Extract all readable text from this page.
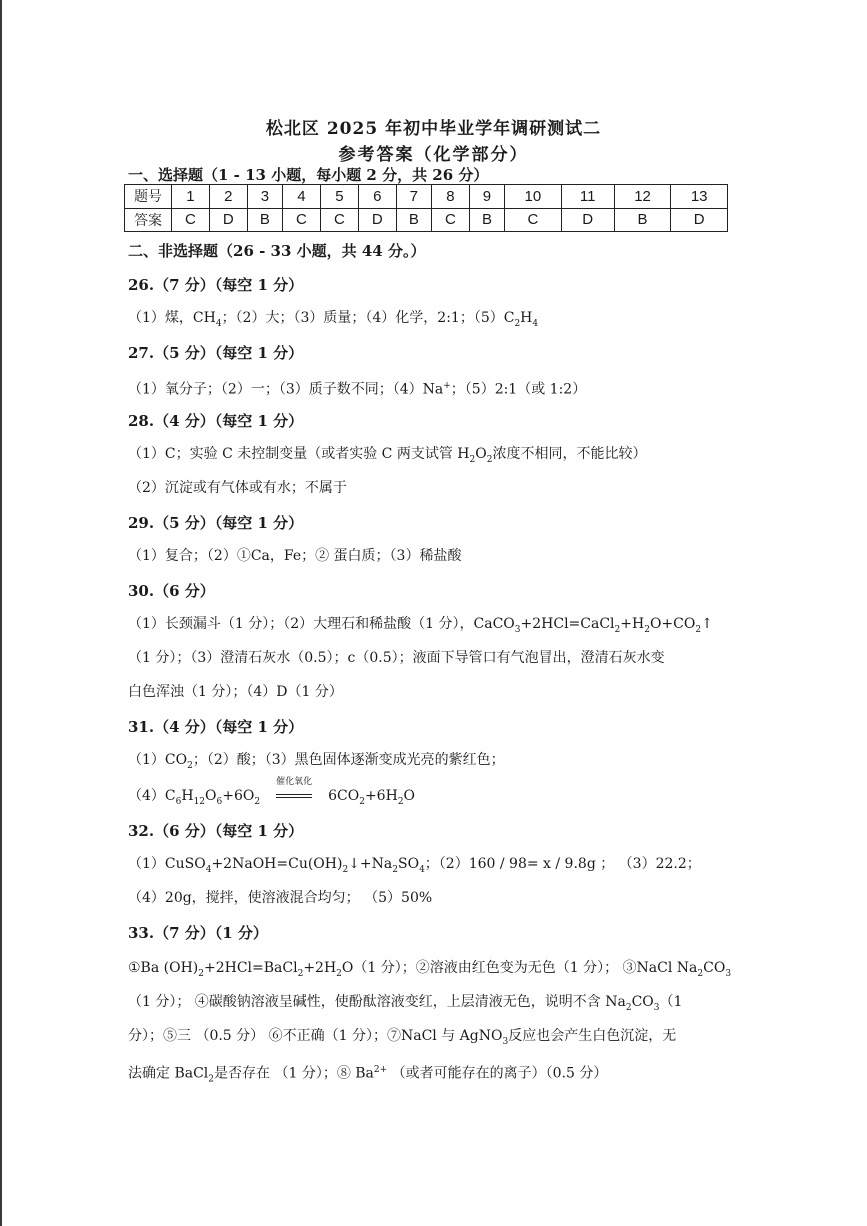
松北区 2025 年初中毕业学年调研测试二
参考答案（化学部分）
一、选择题（1 - 13 小题，每小题 2 分，共 26 分）
题号	1	2	3	4	5	6	7	8	9	10	11	12	13
答案	C	D	B	C	C	D	B	C	B	C	D	B	D
二、非选择题（26 - 33 小题，共 44 分。）
26.（7 分）（每空 1 分）
（1）煤，$CH_4$；（2）大；（3）质量；（4）化学，2:1；$(5)C_2H_4$
27.（5 分）（每空 1 分）
（1）氧分子；（2）一；（3）质子数不同；（4）Na+；（5）2:1（或 1:2）
28.（4 分）（每空 1 分）
（1）C；实验 C 未控制变量（或者实验 C 两支试管 $H_2O_2$浓度不相同，不能比较）
（2）沉淀或有气体或有水；不属于
29.（5 分）（每空 1 分）
（1）复合；（2）①Ca，Fe；② 蛋白质；（3）稀盐酸
30.（6 分）
（1）长颈漏斗（1 分）；（2）大理石和稀盐酸（1 分），$CaCO_3+2HCl=CaCl_2+H_2O+CO_2↑$
（1 分）；（3）澄清石灰水（0.5）；c（0.5）；液面下导管口有气泡冒出，澄清石灰水变
白色浑浊（1 分）；（4）D（1 分）
31.（4 分）（每空 1 分）
$(1)CO_2$；（2）酸；（3）黑色固体逐渐变成光亮的紫红色；
$(4)C_6H_{12}O_6+6O_2$
催化氧化
$6CO_2+6H_2O$
32.（6 分）（每空 1 分）
$(1)CuSO_4+2NaOH=Cu(OH)_2↓+Na_2SO_4$；（2）160 / 98= x / 9.8g ； （3）22.2；
（4）20g，搅拌，使溶液混合均匀； （5）50%
33.（7 分）（1 分）
①Ba $(OH)_2+2HCl=BaCl_2+2H_2O(1$ 分）；②溶液由红色变为无色（1 分）； ③NaCl $Na_2CO_3$
（1 分）； ④碳酸钠溶液呈碱性，使酚酞溶液变红，上层清液无色，说明不含 $Na_2CO_3(1$
分）；⑤三 （0.5 分） ⑥不正确（1 分）；⑦NaCl 与 AgNO$_3$反应也会产生白色沉淀，无
法确定 BaCl$_2$是否存在 （1 分）；⑧ $Ba^{2+}$ （或者可能存在的离子）（0.5 分）
